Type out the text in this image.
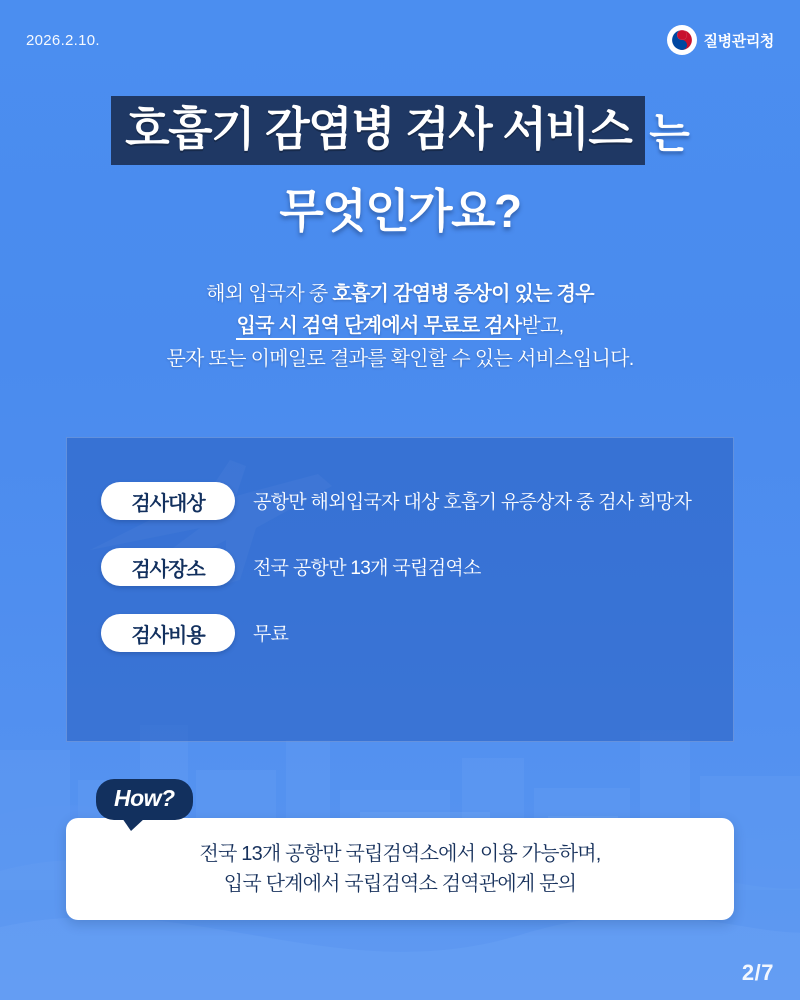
2026.2.10.	질병관리청
호흡기 감염병 검사 서비스 는
무엇인가요?
해외 입국자 중 호흡기 감염병 증상이 있는 경우
입국 시 검역 단계에서 무료로 검사받고,
문자 또는 이메일로 결과를 확인할 수 있는 서비스입니다.
검사대상	공항만 해외입국자 대상 호흡기 유증상자 중 검사 희망자
검사장소	전국 공항만 13개 국립검역소
검사비용	무료
How?
전국 13개 공항만 국립검역소에서 이용 가능하며,
입국 단계에서 국립검역소 검역관에게 문의
2/7
